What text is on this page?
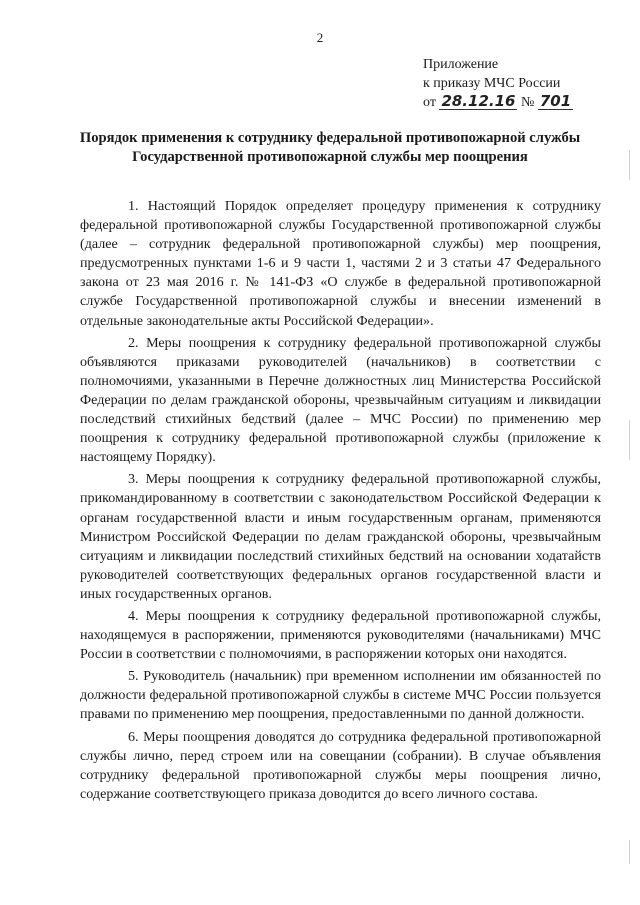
2
Приложение
к приказу МЧС России
от 28.12.16 № 701
Порядок применения к сотруднику федеральной противопожарной службы Государственной противопожарной службы мер поощрения

1. Настоящий Порядок определяет процедуру применения к сотруднику федеральной противопожарной службы Государственной противопожарной службы (далее – сотрудник федеральной противопожарной службы) мер поощрения, предусмотренных пунктами 1-6 и 9 части 1, частями 2 и 3 статьи 47 Федерального закона от 23 мая 2016 г. № 141-ФЗ «О службе в федеральной противопожарной службе Государственной противопожарной службы и внесении изменений в отдельные законодательные акты Российской Федерации».

2. Меры поощрения к сотруднику федеральной противопожарной службы объявляются приказами руководителей (начальников) в соответствии с полномочиями, указанными в Перечне должностных лиц Министерства Российской Федерации по делам гражданской обороны, чрезвычайным ситуациям и ликвидации последствий стихийных бедствий (далее – МЧС России) по применению мер поощрения к сотруднику федеральной противопожарной службы (приложение к настоящему Порядку).

3. Меры поощрения к сотруднику федеральной противопожарной службы, прикомандированному в соответствии с законодательством Российской Федерации к органам государственной власти и иным государственным органам, применяются Министром Российской Федерации по делам гражданской обороны, чрезвычайным ситуациям и ликвидации последствий стихийных бедствий на основании ходатайств руководителей соответствующих федеральных органов государственной власти и иных государственных органов.

4. Меры поощрения к сотруднику федеральной противопожарной службы, находящемуся в распоряжении, применяются руководителями (начальниками) МЧС России в соответствии с полномочиями, в распоряжении которых они находятся.

5. Руководитель (начальник) при временном исполнении им обязанностей по должности федеральной противопожарной службы в системе МЧС России пользуется правами по применению мер поощрения, предоставленными по данной должности.

6. Меры поощрения доводятся до сотрудника федеральной противопожарной службы лично, перед строем или на совещании (собрании). В случае объявления сотруднику федеральной противопожарной службы меры поощрения лично, содержание соответствующего приказа доводится до всего личного состава.
